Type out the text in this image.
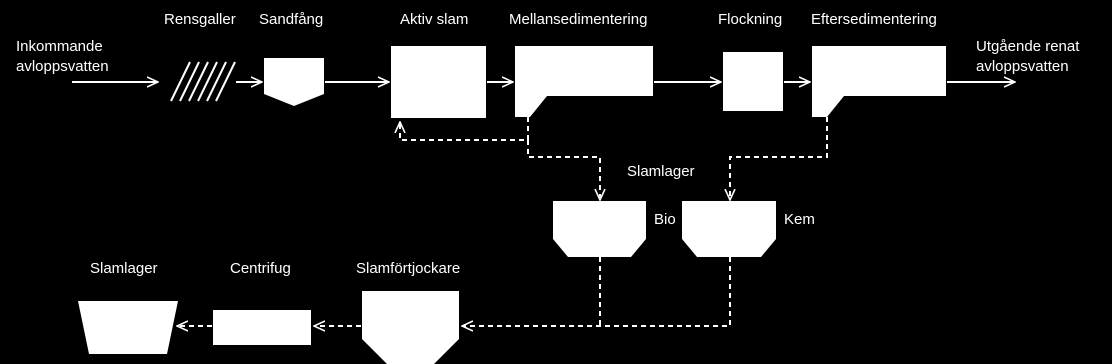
Inkommande
avloppsvatten
Rensgaller Sandfång	Aktiv slam	Mellansedimentering	Flockning Eftersedimentering
Utgående renat
avloppsvatten
Slamlager
Bio	Kem
Slamlager	Centrifug	Slamförtjockare
